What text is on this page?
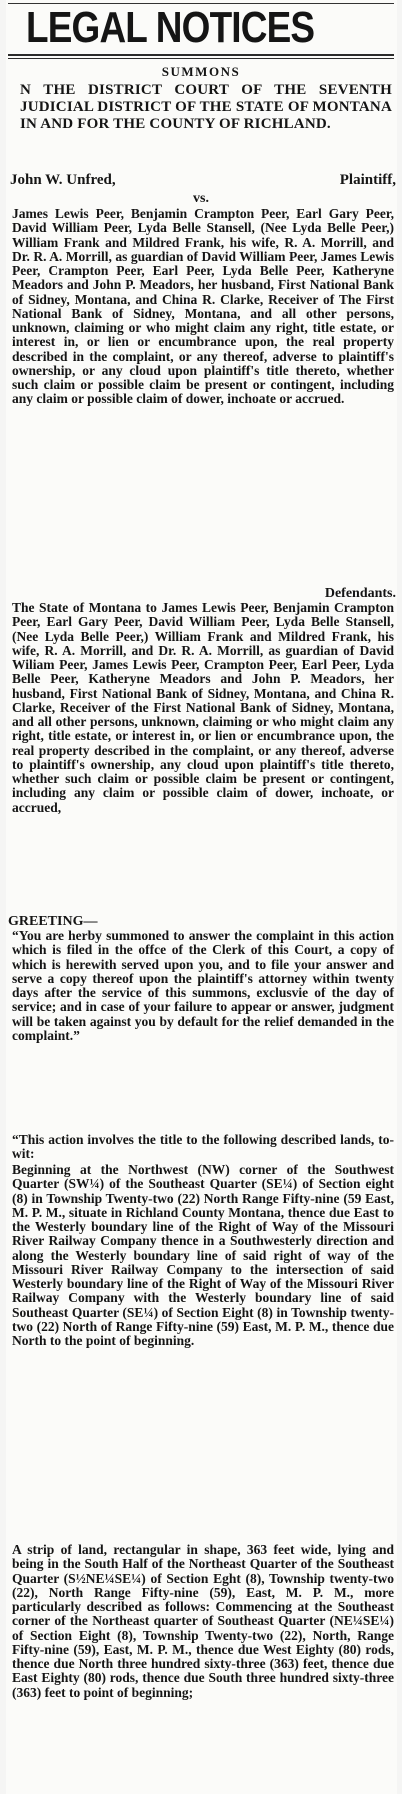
LEGAL NOTICES
SUMMONS
N THE DISTRICT COURT OF THE SEVENTH JUDICIAL DISTRICT OF THE STATE OF MONTANA IN AND FOR THE COUNTY OF RICHLAND.
John W. Unfred,	Plaintiff,
vs.
James Lewis Peer, Benjamin Crampton Peer, Earl Gary Peer, David William Peer, Lyda Belle Stansell, (Nee Lyda Belle Peer,) William Frank and Mildred Frank, his wife, R. A. Morrill, and Dr. R. A. Morrill, as guardian of David William Peer, James Lewis Peer, Crampton Peer, Earl Peer, Lyda Belle Peer, Katheryne Meadors and John P. Meadors, her husband, First National Bank of Sidney, Montana, and China R. Clarke, Receiver of The First National Bank of Sidney, Montana, and all other persons, unknown, claiming or who might claim any right, title estate, or interest in, or lien or encumbrance upon, the real property described in the complaint, or any thereof, adverse to plaintiff's ownership, or any cloud upon plaintiff's title thereto, whether such claim or possible claim be present or contingent, including any claim or possible claim of dower, inchoate or accrued.
Defendants.
The State of Montana to James Lewis Peer, Benjamin Crampton Peer, Earl Gary Peer, David William Peer, Lyda Belle Stansell, (Nee Lyda Belle Peer,) William Frank and Mildred Frank, his wife, R. A. Morrill, and Dr. R. A. Morrill, as guardian of David Wiliam Peer, James Lewis Peer, Crampton Peer, Earl Peer, Lyda Belle Peer, Katheryne Meadors and John P. Meadors, her husband, First National Bank of Sidney, Montana, and China R. Clarke, Receiver of the First National Bank of Sidney, Montana, and all other persons, unknown, claiming or who might claim any right, title estate, or interest in, or lien or encumbrance upon, the real property described in the complaint, or any thereof, adverse to plaintiff's ownership, any cloud upon plaintiff's title thereto, whether such claim or possible claim be present or contingent, including any claim or possible claim of dower, inchoate, or accrued,
GREETING—
“You are herby summoned to answer the complaint in this action which is filed in the offce of the Clerk of this Court, a copy of which is herewith served upon you, and to file your answer and serve a copy thereof upon the plaintiff's attorney within twenty days after the service of this summons, exclusvie of the day of service; and in case of your failure to appear or answer, judgment will be taken against you by default for the relief demanded in the complaint.”
“This action involves the title to the following described lands, to-wit:
Beginning at the Northwest (NW) corner of the Southwest Quarter (SW¼) of the Southeast Quarter (SE¼) of Section eight (8) in Township Twenty-two (22) North Range Fifty-nine (59 East, M. P. M., situate in Richland County Montana, thence due East to the Westerly boundary line of the Right of Way of the Missouri River Railway Company thence in a Southwesterly direction and along the Westerly boundary line of said right of way of the Missouri River Railway Company to the intersection of said Westerly boundary line of the Right of Way of the Missouri River Railway Company with the Westerly boundary line of said Southeast Quarter (SE¼) of Section Eight (8) in Township twenty-two (22) North of Range Fifty-nine (59) East, M. P. M., thence due North to the point of beginning.
A strip of land, rectangular in shape, 363 feet wide, lying and being in the South Half of the Northeast Quarter of the Southeast Quarter (S½NE¼SE¼) of Section Eght (8), Township twenty-two (22), North Range Fifty-nine (59), East, M. P. M., more particularly described as follows: Commencing at the Southeast corner of the Northeast quarter of Southeast Quarter (NE¼SE¼) of Section Eight (8), Township Twenty-two (22), North, Range Fifty-nine (59), East, M. P. M., thence due West Eighty (80) rods, thence due North three hundred sixty-three (363) feet, thence due East Eighty (80) rods, thence due South three hundred sixty-three (363) feet to point of beginning;
